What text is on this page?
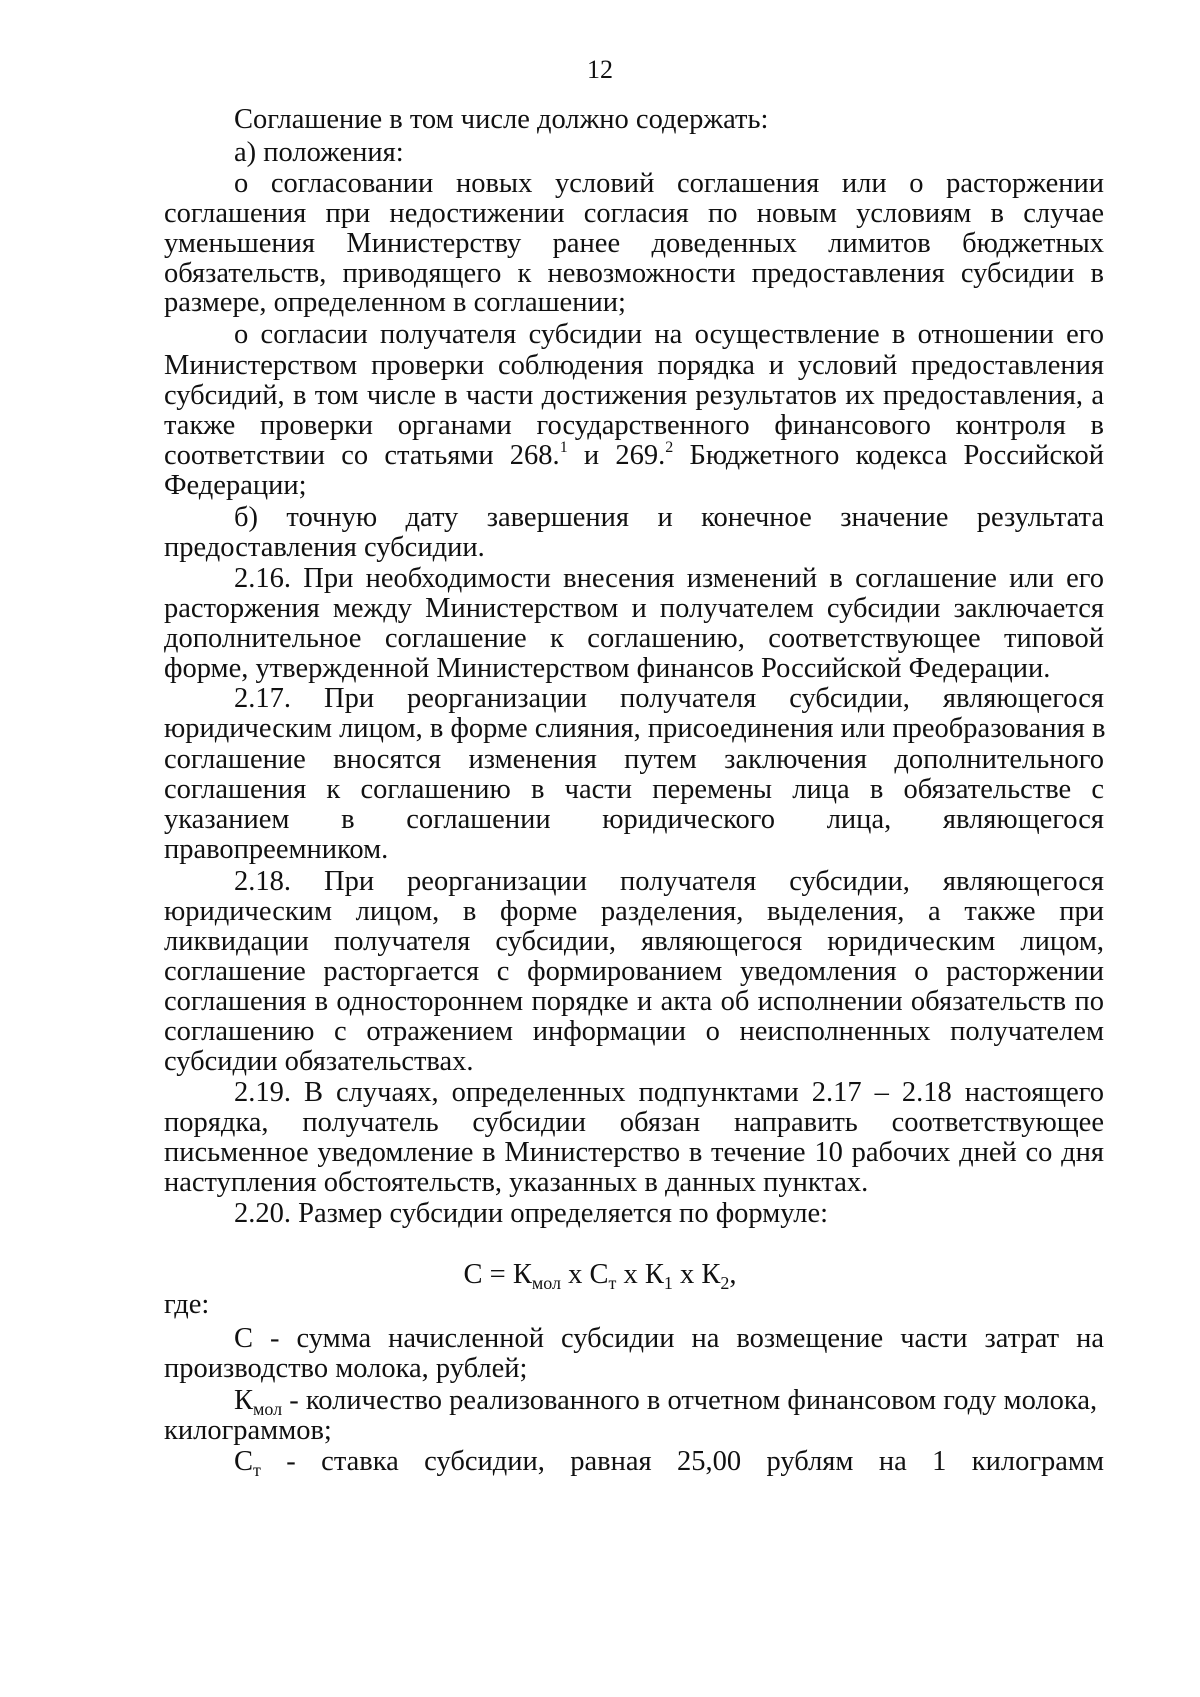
12
Соглашение в том числе должно содержать:
а) положения:
о согласовании новых условий соглашения или о расторжении
соглашения при недостижении согласия по новым условиям в случае
уменьшения Министерству ранее доведенных лимитов бюджетных
обязательств, приводящего к невозможности предоставления субсидии в
размере, определенном в соглашении;
о согласии получателя субсидии на осуществление в отношении его
Министерством проверки соблюдения порядка и условий предоставления
субсидий, в том числе в части достижения результатов их предоставления, а
также проверки органами государственного финансового контроля в
соответствии со статьями 268.$^1$ и 269.$^2$ Бюджетного кодекса Российской
Федерации;
б) точную дату завершения и конечное значение результата
предоставления субсидии.
2.16. При необходимости внесения изменений в соглашение или его
расторжения между Министерством и получателем субсидии заключается
дополнительное соглашение к соглашению, соответствующее типовой
форме, утвержденной Министерством финансов Российской Федерации.
2.17. При реорганизации получателя субсидии, являющегося
юридическим лицом, в форме слияния, присоединения или преобразования в
соглашение вносятся изменения путем заключения дополнительного
соглашения к соглашению в части перемены лица в обязательстве с
указанием в соглашении юридического лица, являющегося
правопреемником.
2.18. При реорганизации получателя субсидии, являющегося
юридическим лицом, в форме разделения, выделения, а также при
ликвидации получателя субсидии, являющегося юридическим лицом,
соглашение расторгается с формированием уведомления о расторжении
соглашения в одностороннем порядке и акта об исполнении обязательств по
соглашению с отражением информации о неисполненных получателем
субсидии обязательствах.
2.19. В случаях, определенных подпунктами 2.17 – 2.18 настоящего
порядка, получатель субсидии обязан направить соответствующее
письменное уведомление в Министерство в течение 10 рабочих дней со дня
наступления обстоятельств, указанных в данных пунктах.
2.20. Размер субсидии определяется по формуле:
$С = К_{мол}$ х $С_т$ х $К_1$ х $К_2$,
где:
С - сумма начисленной субсидии на возмещение части затрат на
производство молока, рублей;
$К_{мол}$ - количество реализованного в отчетном финансовом году молока,
килограммов;
$С_т$ - ставка субсидии, равная 25,00 рублям на 1 килограмм
